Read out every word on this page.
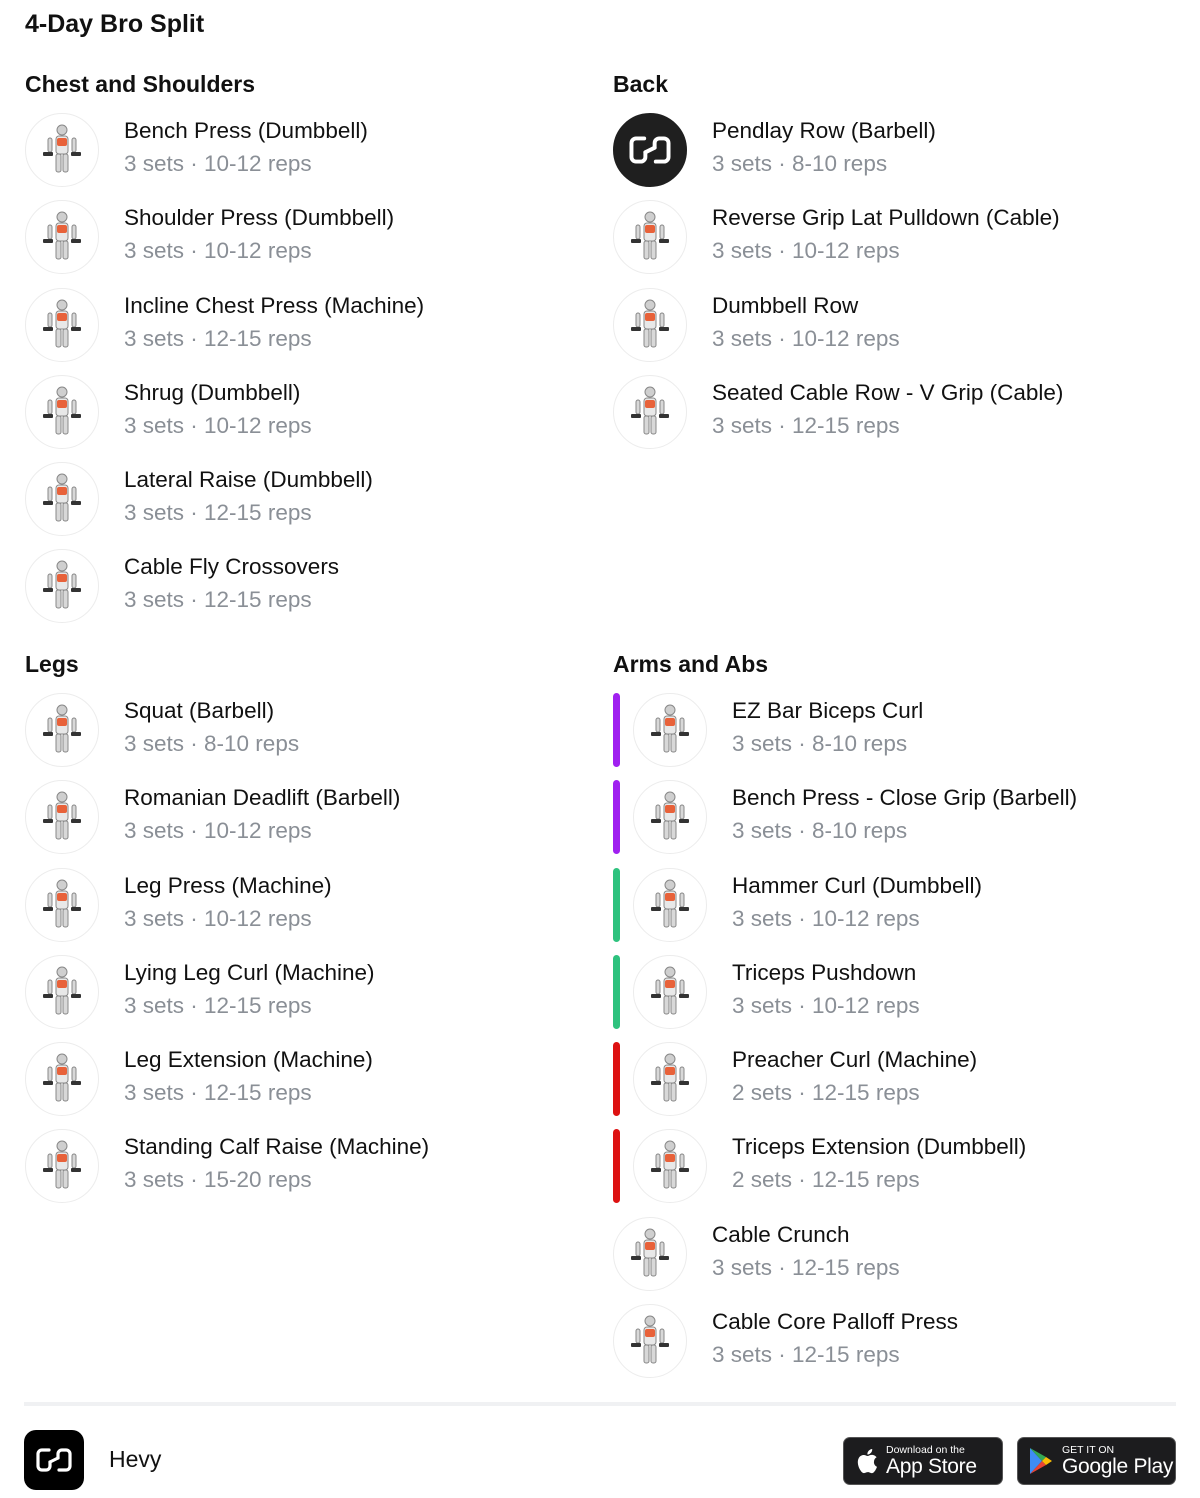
4-Day Bro Split
Chest and Shoulders
Bench Press (Dumbbell)
3 sets · 10-12 reps
Shoulder Press (Dumbbell)
3 sets · 10-12 reps
Incline Chest Press (Machine)
3 sets · 12-15 reps
Shrug (Dumbbell)
3 sets · 10-12 reps
Lateral Raise (Dumbbell)
3 sets · 12-15 reps
Cable Fly Crossovers
3 sets · 12-15 reps
Back
Pendlay Row (Barbell)
3 sets · 8-10 reps
Reverse Grip Lat Pulldown (Cable)
3 sets · 10-12 reps
Dumbbell Row
3 sets · 10-12 reps
Seated Cable Row - V Grip (Cable)
3 sets · 12-15 reps
Legs
Squat (Barbell)
3 sets · 8-10 reps
Romanian Deadlift (Barbell)
3 sets · 10-12 reps
Leg Press (Machine)
3 sets · 10-12 reps
Lying Leg Curl (Machine)
3 sets · 12-15 reps
Leg Extension (Machine)
3 sets · 12-15 reps
Standing Calf Raise (Machine)
3 sets · 15-20 reps
Arms and Abs
EZ Bar Biceps Curl
3 sets · 8-10 reps
Bench Press - Close Grip (Barbell)
3 sets · 8-10 reps
Hammer Curl (Dumbbell)
3 sets · 10-12 reps
Triceps Pushdown
3 sets · 10-12 reps
Preacher Curl (Machine)
2 sets · 12-15 reps
Triceps Extension (Dumbbell)
2 sets · 12-15 reps
Cable Crunch
3 sets · 12-15 reps
Cable Core Palloff Press
3 sets · 12-15 reps
Hevy	Download on the
App Store
GET IT ON
Google Play
